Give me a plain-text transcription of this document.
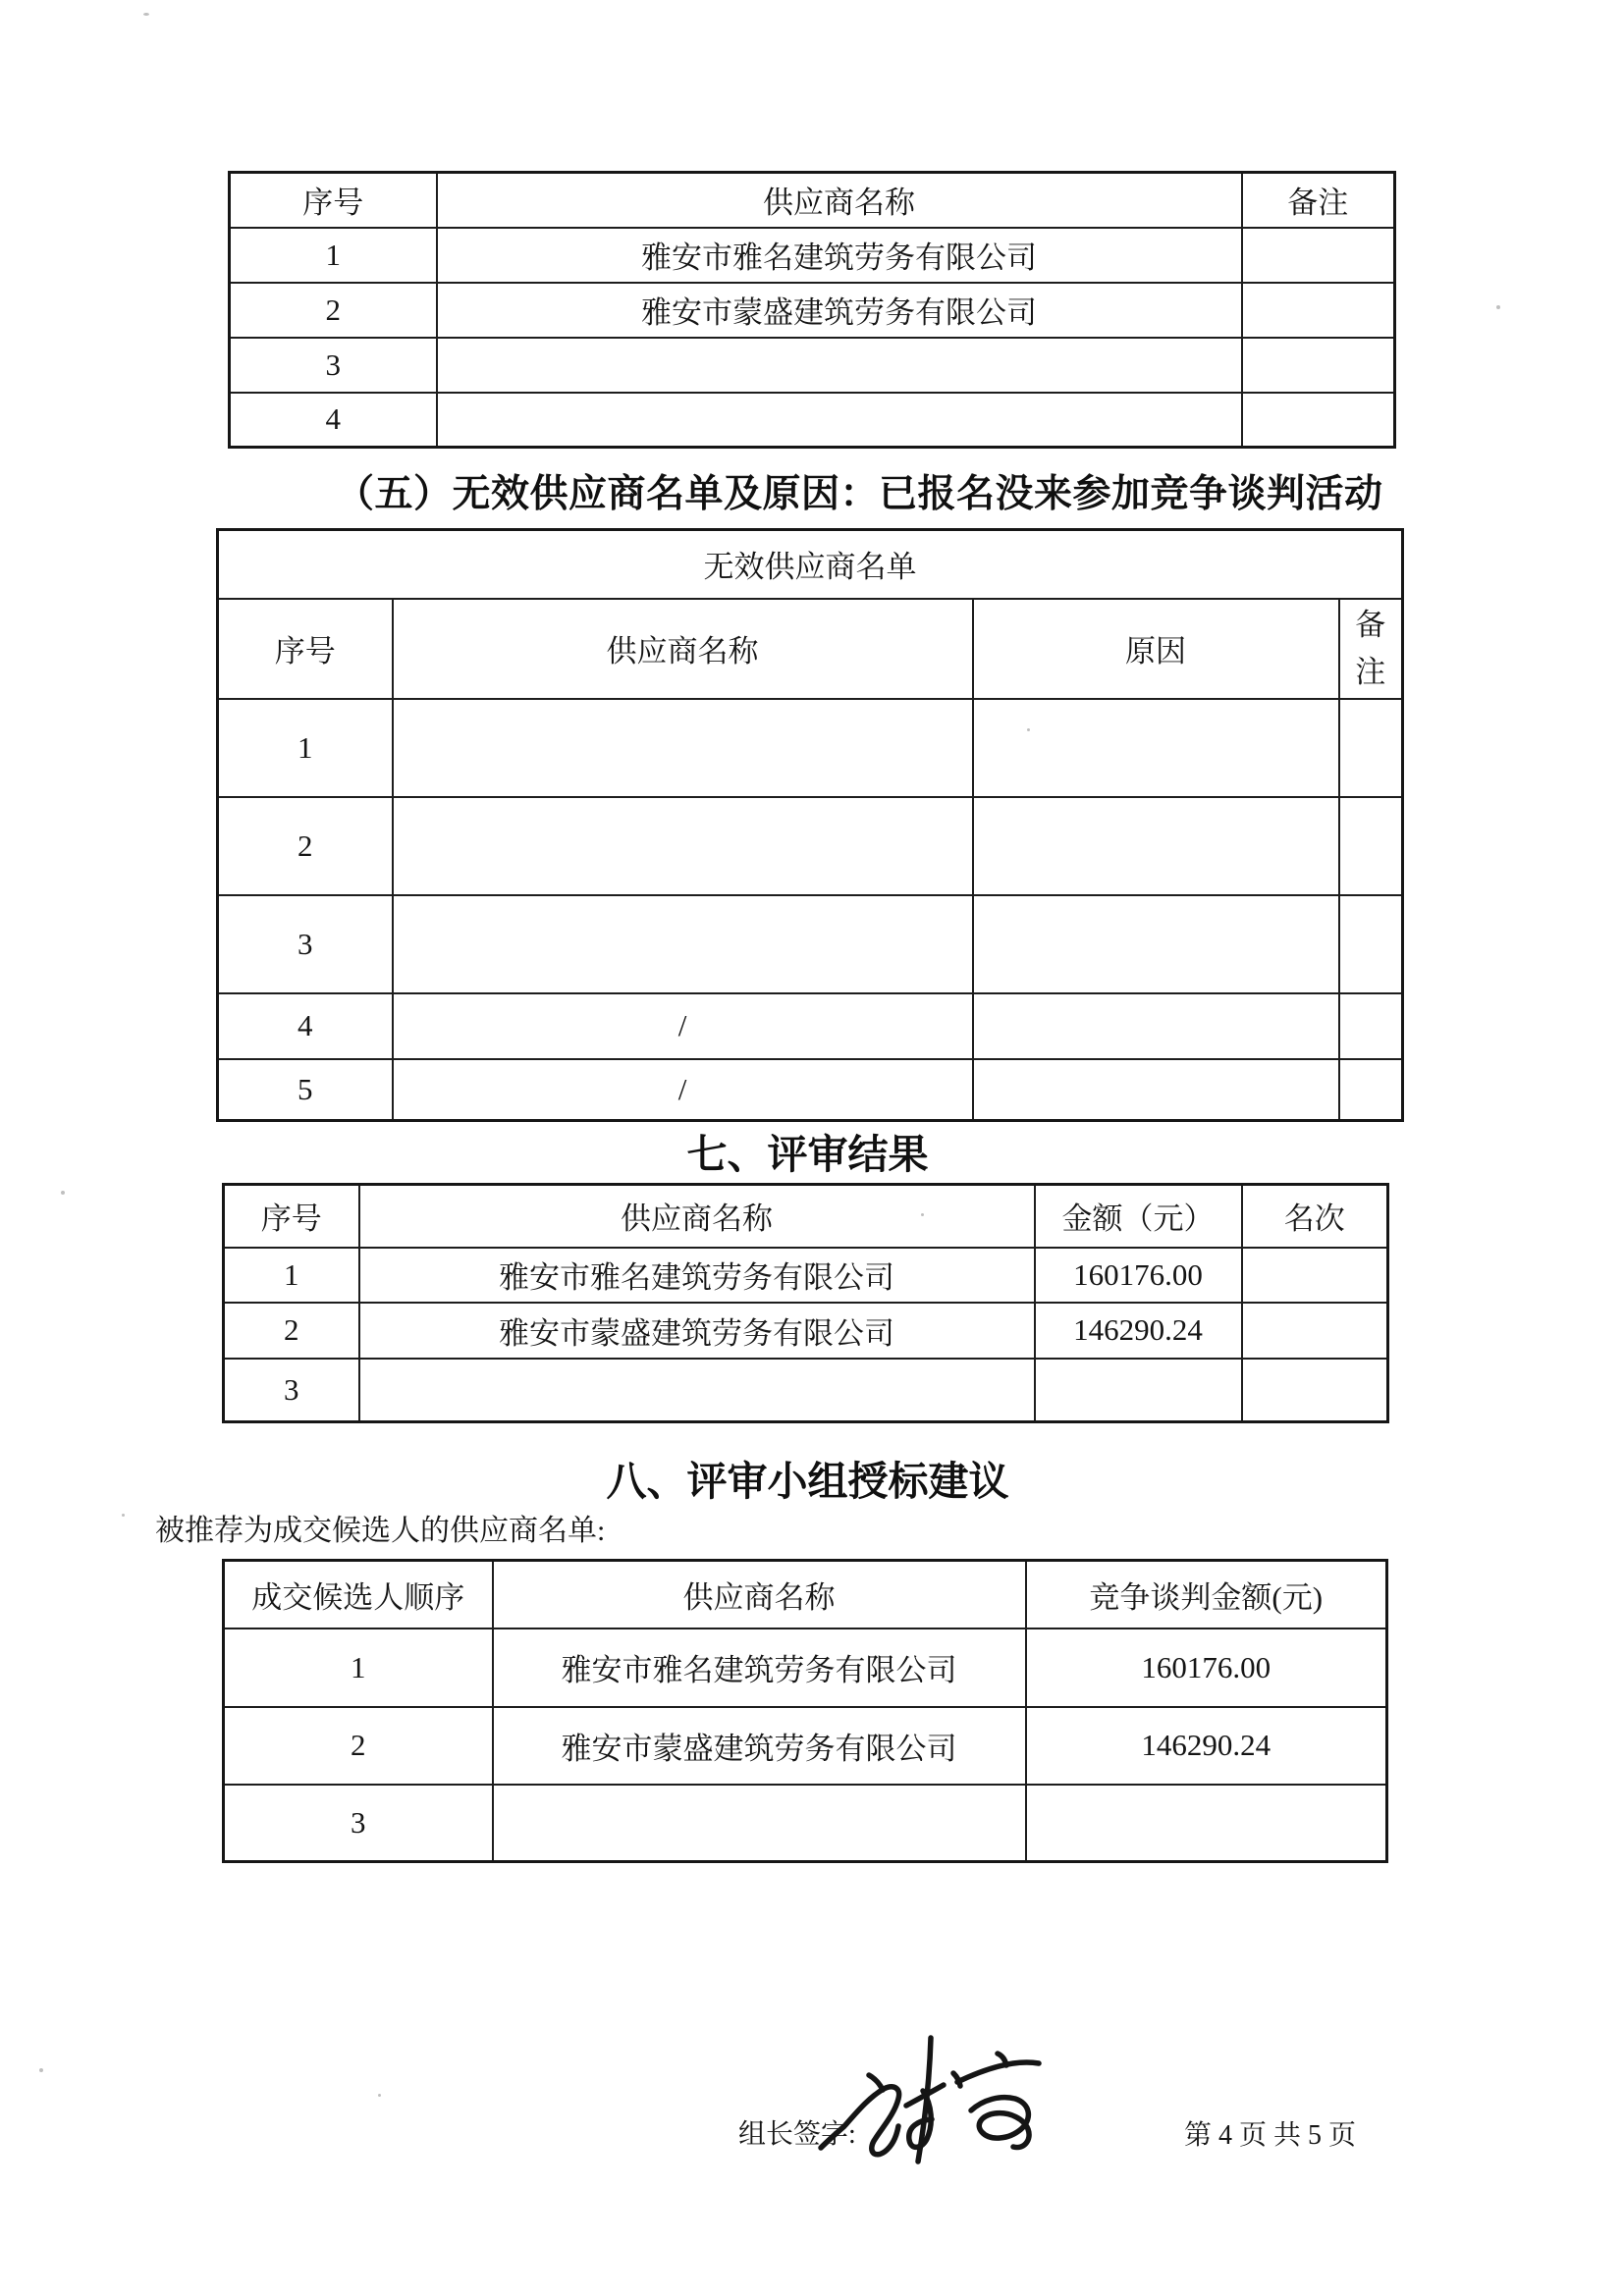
序号	供应商名称	备注
1	雅安市雅名建筑劳务有限公司	
2	雅安市蒙盛建筑劳务有限公司	
3		
4		
（五）无效供应商名单及原因：已报名没来参加竞争谈判活动
无效供应商名单			
序号	供应商名称	原因	备注
1			
2			
3			
4	/		
5	/		
七、评审结果
序号	供应商名称	金额（元）	名次
1	雅安市雅名建筑劳务有限公司	160176.00	
2	雅安市蒙盛建筑劳务有限公司	146290.24	
3			
八、评审小组授标建议
被推荐为成交候选人的供应商名单:
成交候选人顺序	供应商名称	竞争谈判金额(元)
1	雅安市雅名建筑劳务有限公司	160176.00
2	雅安市蒙盛建筑劳务有限公司	146290.24
3		
组长签字:	第 4 页 共 5 页
